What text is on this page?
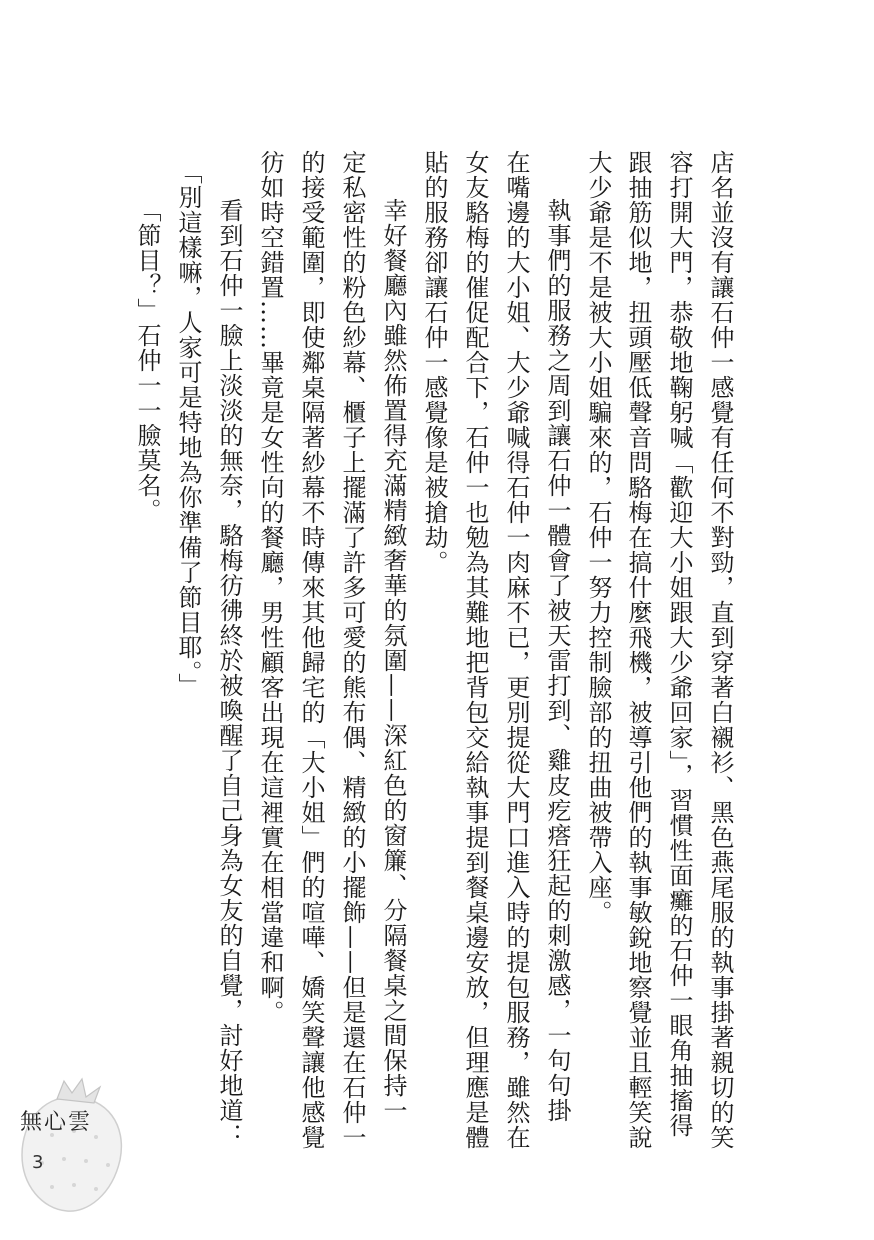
店名並沒有讓石仲一感覺有任何不對勁，直到穿著白襯衫、黑色燕尾服的執事掛著親切的笑
容打開大門，恭敬地鞠躬喊「歡迎大小姐跟大少爺回家」，習慣性面癱的石仲一眼角抽搐得
跟抽筋似地，扭頭壓低聲音問駱梅在搞什麼飛機，被導引他們的執事敏銳地察覺並且輕笑說
大少爺是不是被大小姐騙來的，石仲一努力控制臉部的扭曲被帶入座。
執事們的服務之周到讓石仲一體會了被天雷打到、雞皮疙瘩狂起的刺激感，一句句掛
在嘴邊的大小姐、大少爺喊得石仲一肉麻不已，更別提從大門口進入時的提包服務，雖然在
女友駱梅的催促配合下，石仲一也勉為其難地把背包交給執事提到餐桌邊安放，但理應是體
貼的服務卻讓石仲一感覺像是被搶劫。
幸好餐廳內雖然佈置得充滿精緻奢華的氛圍——深紅色的窗簾、分隔餐桌之間保持一
定私密性的粉色紗幕、櫃子上擺滿了許多可愛的熊布偶、精緻的小擺飾——但是還在石仲一
的接受範圍，即使鄰桌隔著紗幕不時傳來其他歸宅的「大小姐」們的喧嘩、嬌笑聲讓他感覺
彷如時空錯置……畢竟是女性向的餐廳，男性顧客出現在這裡實在相當違和啊。
看到石仲一臉上淡淡的無奈，駱梅彷彿終於被喚醒了自己身為女友的自覺，討好地道：
「別這樣嘛，人家可是特地為你準備了節目耶。」
「節目？」石仲一一臉莫名。
無心雲
3
